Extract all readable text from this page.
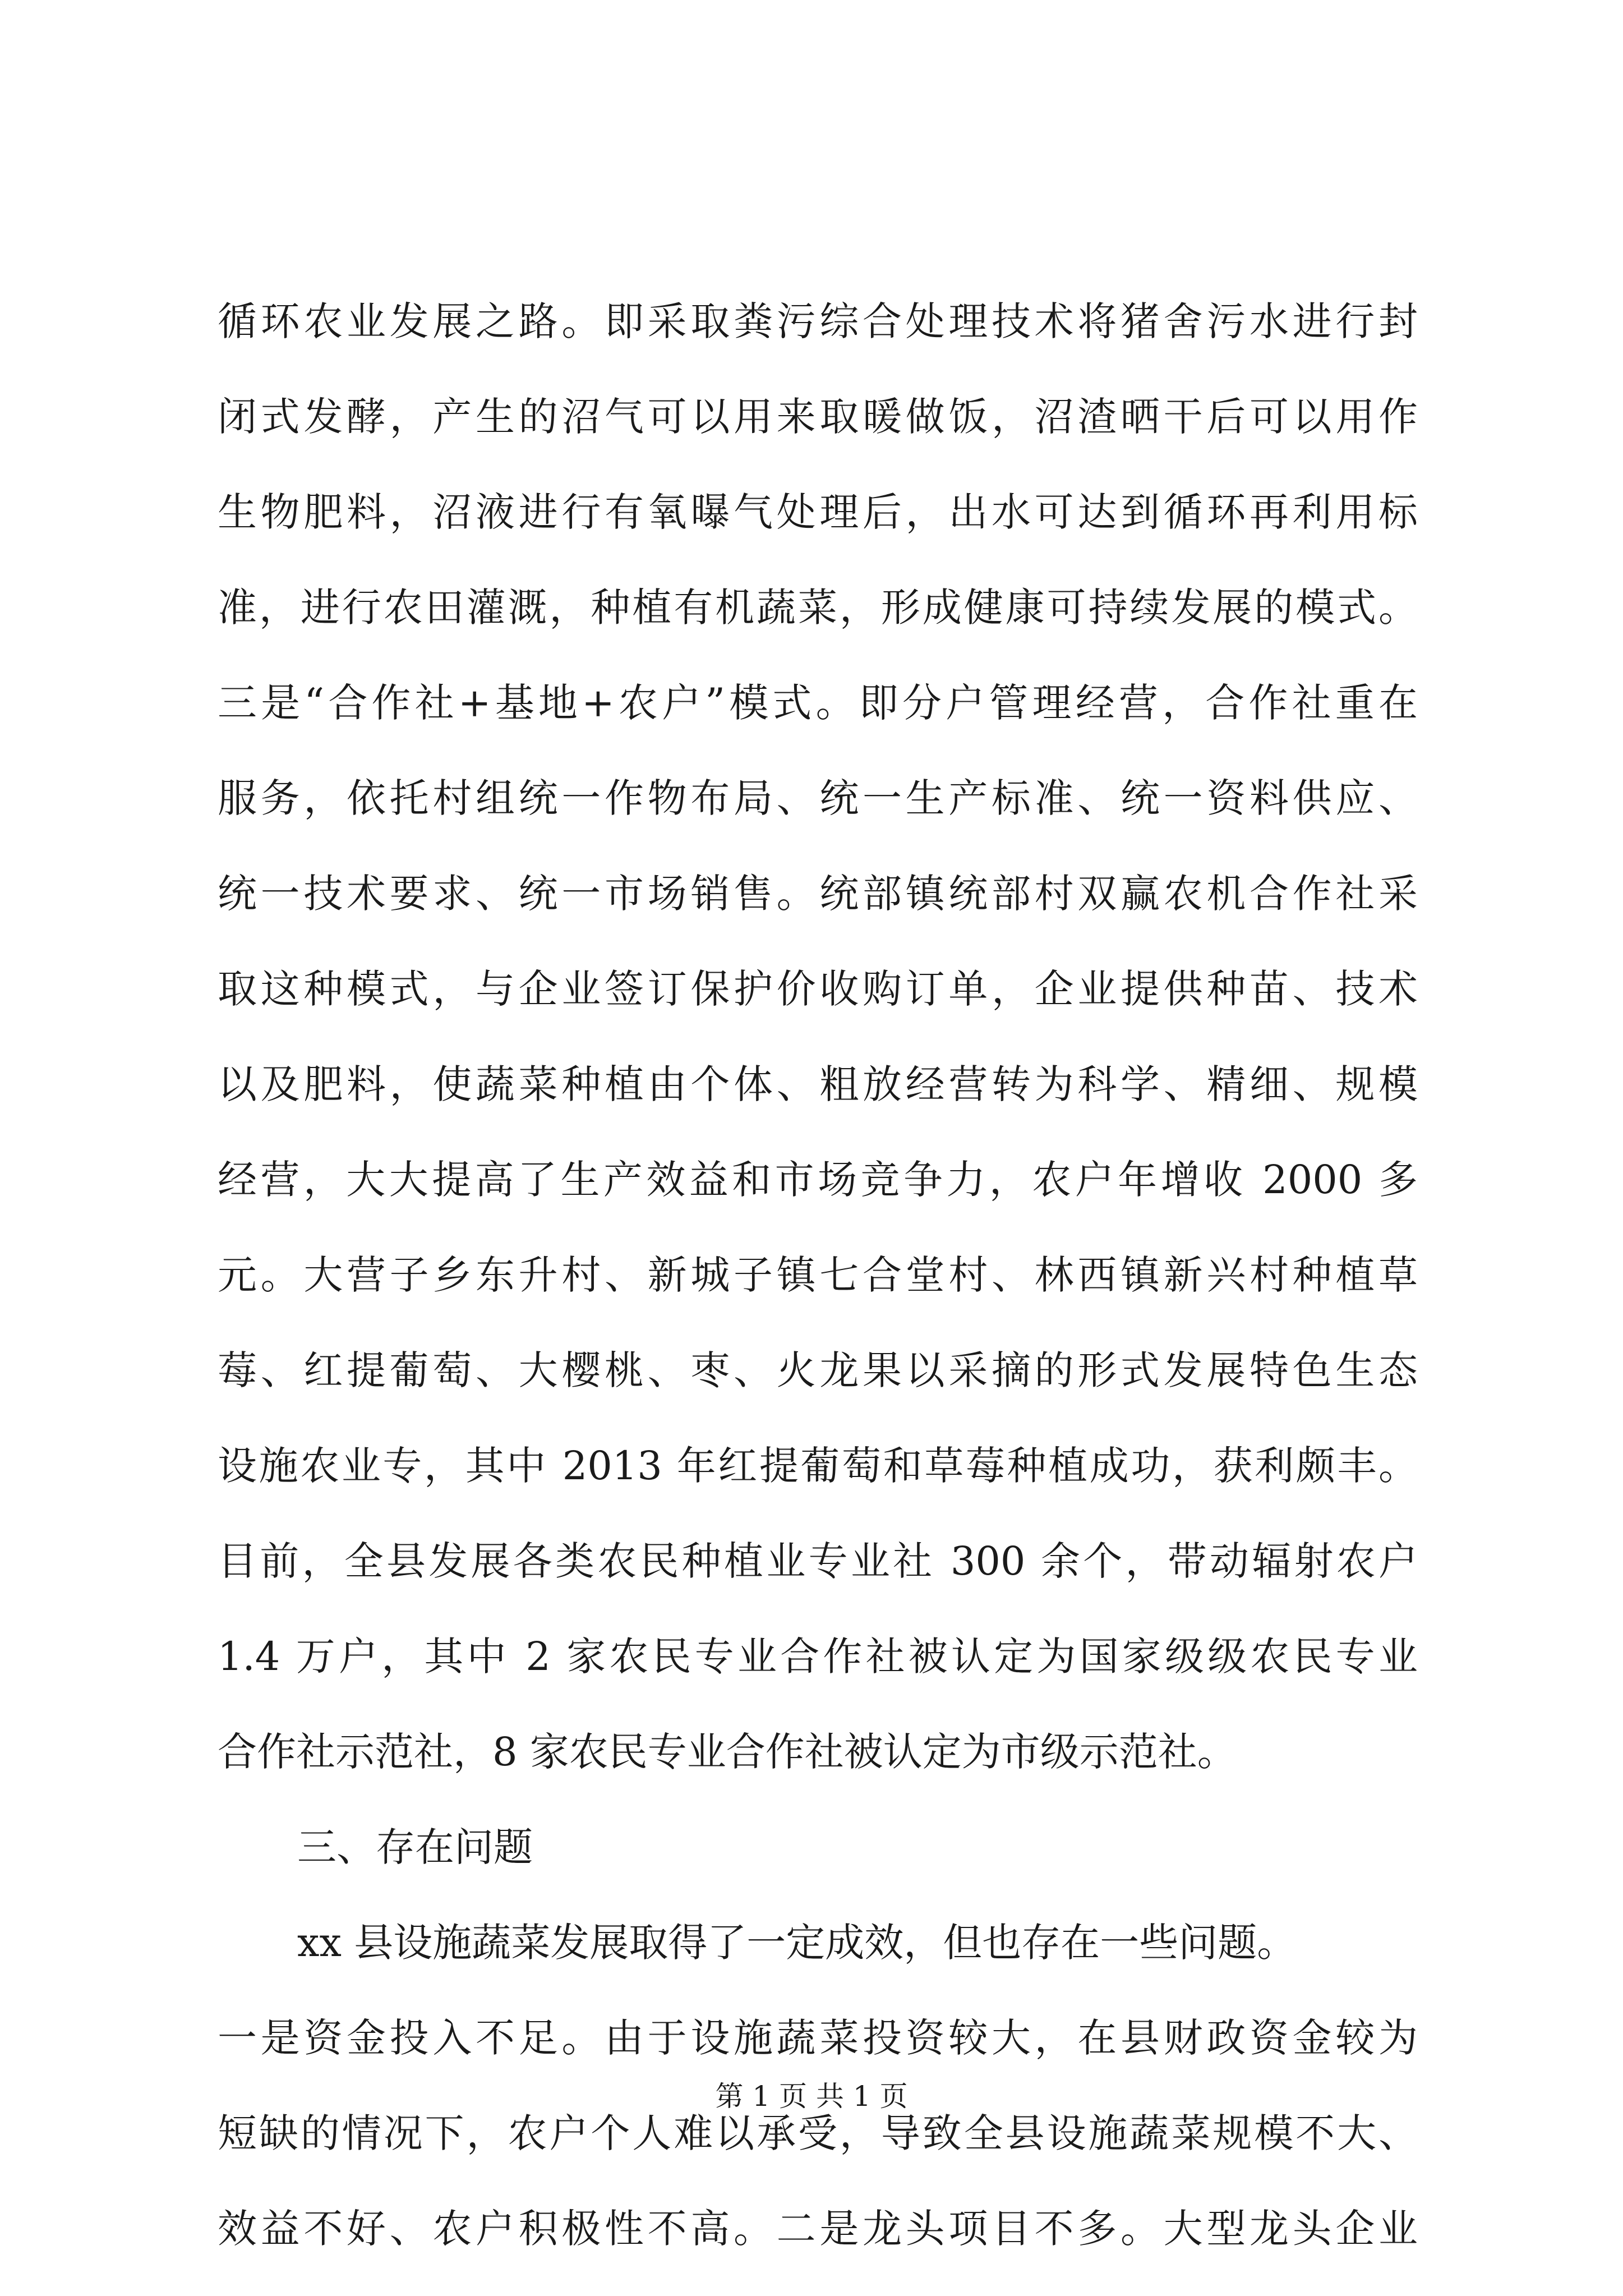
循环农业发展之路。即采取粪污综合处理技术将猪舍污水进行封
闭式发酵，产生的沼气可以用来取暖做饭，沼渣晒干后可以用作
生物肥料，沼液进行有氧曝气处理后，出水可达到循环再利用标
准，进行农田灌溉，种植有机蔬菜，形成健康可持续发展的模式。
三是“合作社+基地+农户”模式。即分户管理经营，合作社重在
服务，依托村组统一作物布局、统一生产标准、统一资料供应、
统一技术要求、统一市场销售。统部镇统部村双赢农机合作社采
取这种模式，与企业签订保护价收购订单，企业提供种苗、技术
以及肥料，使蔬菜种植由个体、粗放经营转为科学、精细、规模
经营，大大提高了生产效益和市场竞争力，农户年增收 2000 多
元。大营子乡东升村、新城子镇七合堂村、林西镇新兴村种植草
莓、红提葡萄、大樱桃、枣、火龙果以采摘的形式发展特色生态
设施农业专，其中 2013 年红提葡萄和草莓种植成功，获利颇丰。
目前，全县发展各类农民种植业专业社 300 余个，带动辐射农户
1.4 万户，其中 2 家农民专业合作社被认定为国家级级农民专业
合作社示范社，8 家农民专业合作社被认定为市级示范社。
三、存在问题
xx 县设施蔬菜发展取得了一定成效，但也存在一些问题。
一是资金投入不足。由于设施蔬菜投资较大，在县财政资金较为
短缺的情况下，农户个人难以承受，导致全县设施蔬菜规模不大、
效益不好、农户积极性不高。二是龙头项目不多。大型龙头企业
第 1 页 共 1 页
